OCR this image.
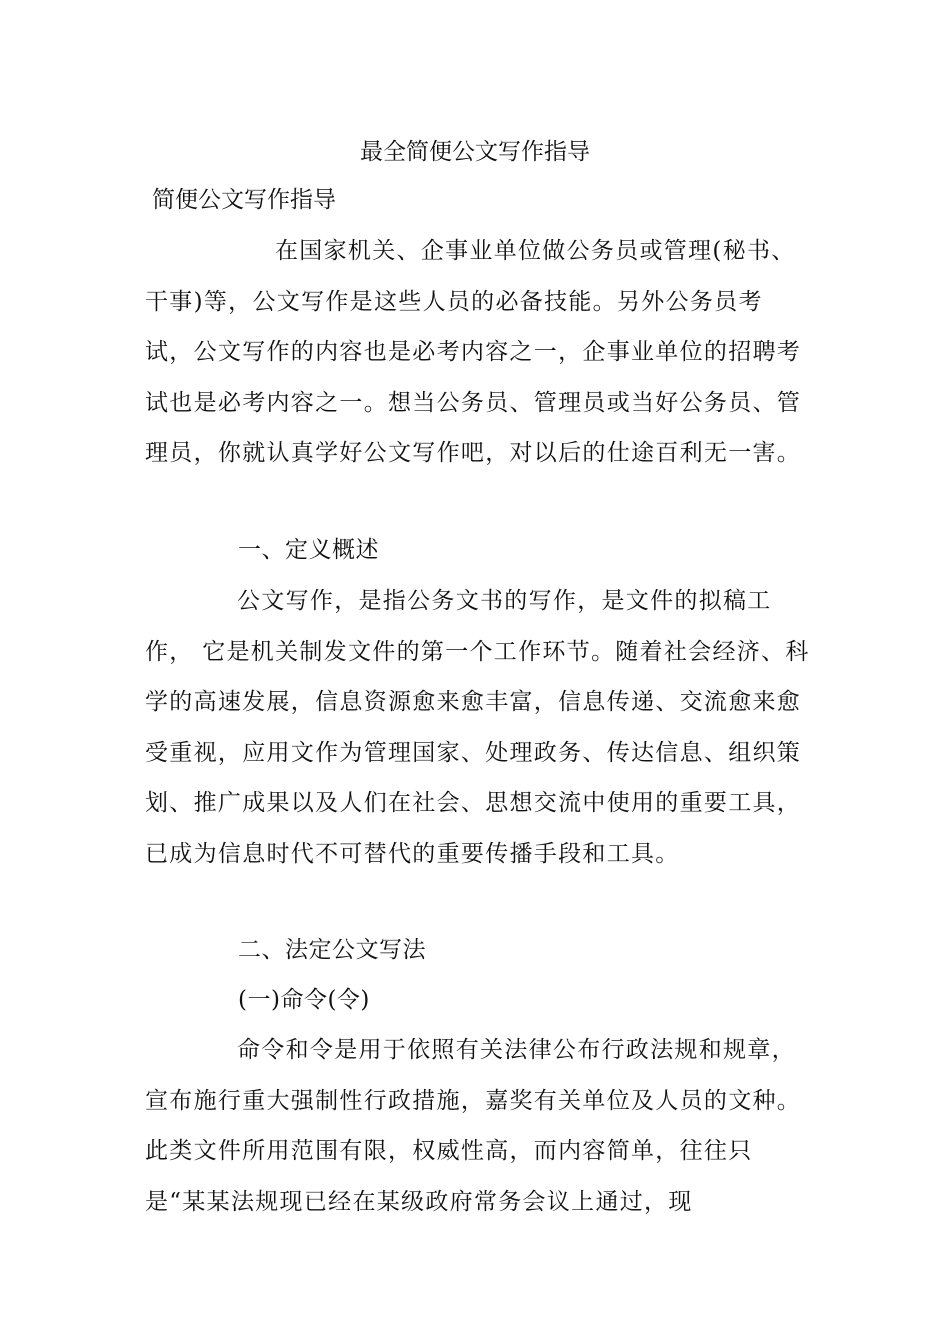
最全简便公文写作指导
简便公文写作指导

在国家机关、企事业单位做公务员或管理(秘书、干事)等，公文写作是这些人员的必备技能。另外公务员考试，公文写作的内容也是必考内容之一，企事业单位的招聘考试也是必考内容之一。想当公务员、管理员或当好公务员、管理员，你就认真学好公文写作吧，对以后的仕途百利无一害。

一、定义概述

公文写作，是指公务文书的写作，是文件的拟稿工作， 它是机关制发文件的第一个工作环节。随着社会经济、科学的高速发展，信息资源愈来愈丰富，信息传递、交流愈来愈受重视，应用文作为管理国家、处理政务、传达信息、组织策划、推广成果以及人们在社会、思想交流中使用的重要工具，已成为信息时代不可替代的重要传播手段和工具。

二、法定公文写法
(一)命令(令)

命令和令是用于依照有关法律公布行政法规和规章，宣布施行重大强制性行政措施，嘉奖有关单位及人员的文种。此类文件所用范围有限，权威性高，而内容简单，往往只是“某某法规现已经在某级政府常务会议上通过，现
